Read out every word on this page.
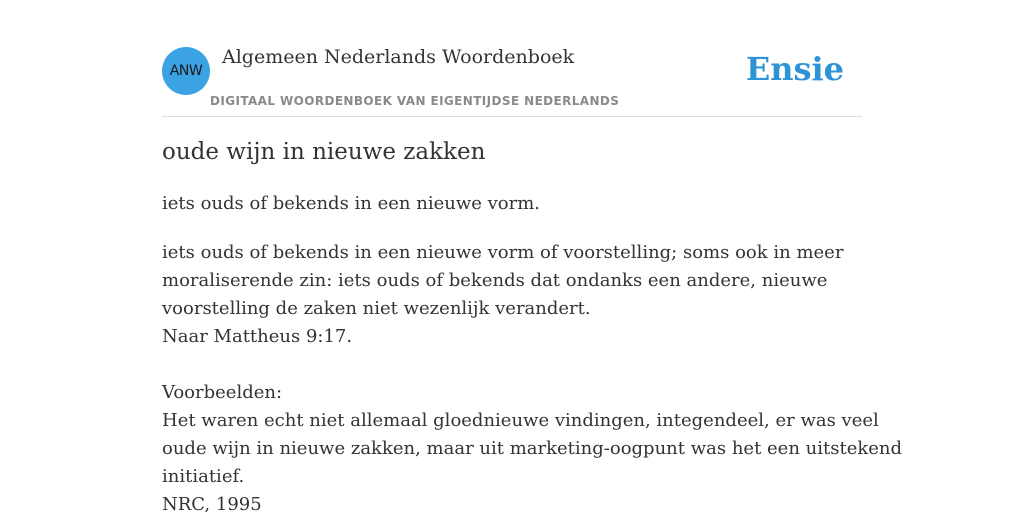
ANW
Algemeen Nederlands Woordenboek
DIGITAAL WOORDENBOEK VAN EIGENTIJDSE NEDERLANDS
Ensie
oude wijn in nieuwe zakken

iets ouds of bekends in een nieuwe vorm.

iets ouds of bekends in een nieuwe vorm of voorstelling; soms ook in meer
moraliserende zin: iets ouds of bekends dat ondanks een andere, nieuwe
voorstelling de zaken niet wezenlijk verandert.
Naar Mattheus 9:17.
Voorbeelden:
Het waren echt niet allemaal gloednieuwe vindingen, integendeel, er was veel
oude wijn in nieuwe zakken, maar uit marketing-oogpunt was het een uitstekend
initiatief.
NRC, 1995
